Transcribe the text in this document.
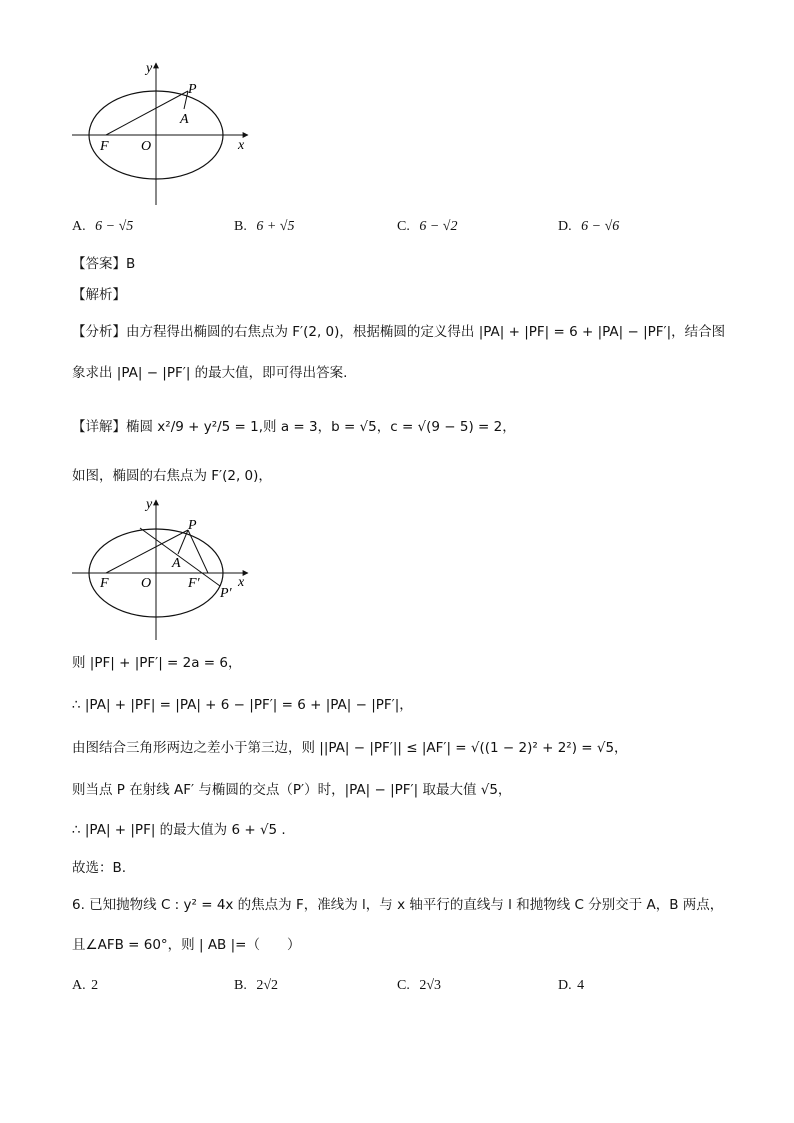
y
x
P
A
F O
A. 6 − √5	B. 6 + √5	C. 6 − √2	D. 6 − √6
【答案】B
【解析】
【分析】由方程得出椭圆的右焦点为 F′(2, 0)，根据椭圆的定义得出 |PA| + |PF| = 6 + |PA| − |PF′|，结合图
象求出 |PA| − |PF′| 的最大值，即可得出答案.
【详解】椭圆 x²/9 + y²/5 = 1,则 a = 3，b = √5，c = √(9 − 5) = 2，
如图，椭圆的右焦点为 F′(2, 0)，
y
x
P
A
F O	F′
P′
则 |PF| + |PF′| = 2a = 6，
∴ |PA| + |PF| = |PA| + 6 − |PF′| = 6 + |PA| − |PF′|，
由图结合三角形两边之差小于第三边，则 ||PA| − |PF′|| ≤ |AF′| = √((1 − 2)² + 2²) = √5，
则当点 P 在射线 AF′ 与椭圆的交点（P′）时，|PA| − |PF′| 取最大值 √5，
∴ |PA| + |PF| 的最大值为 6 + √5 .
故选：B.
6. 已知抛物线 C : y² = 4x 的焦点为 F，准线为 l，与 x 轴平行的直线与 l 和抛物线 C 分别交于 A，B 两点，
且∠AFB = 60°，则 | AB |=（　　）
A. 2	B. 2√2	C. 2√3	D. 4
